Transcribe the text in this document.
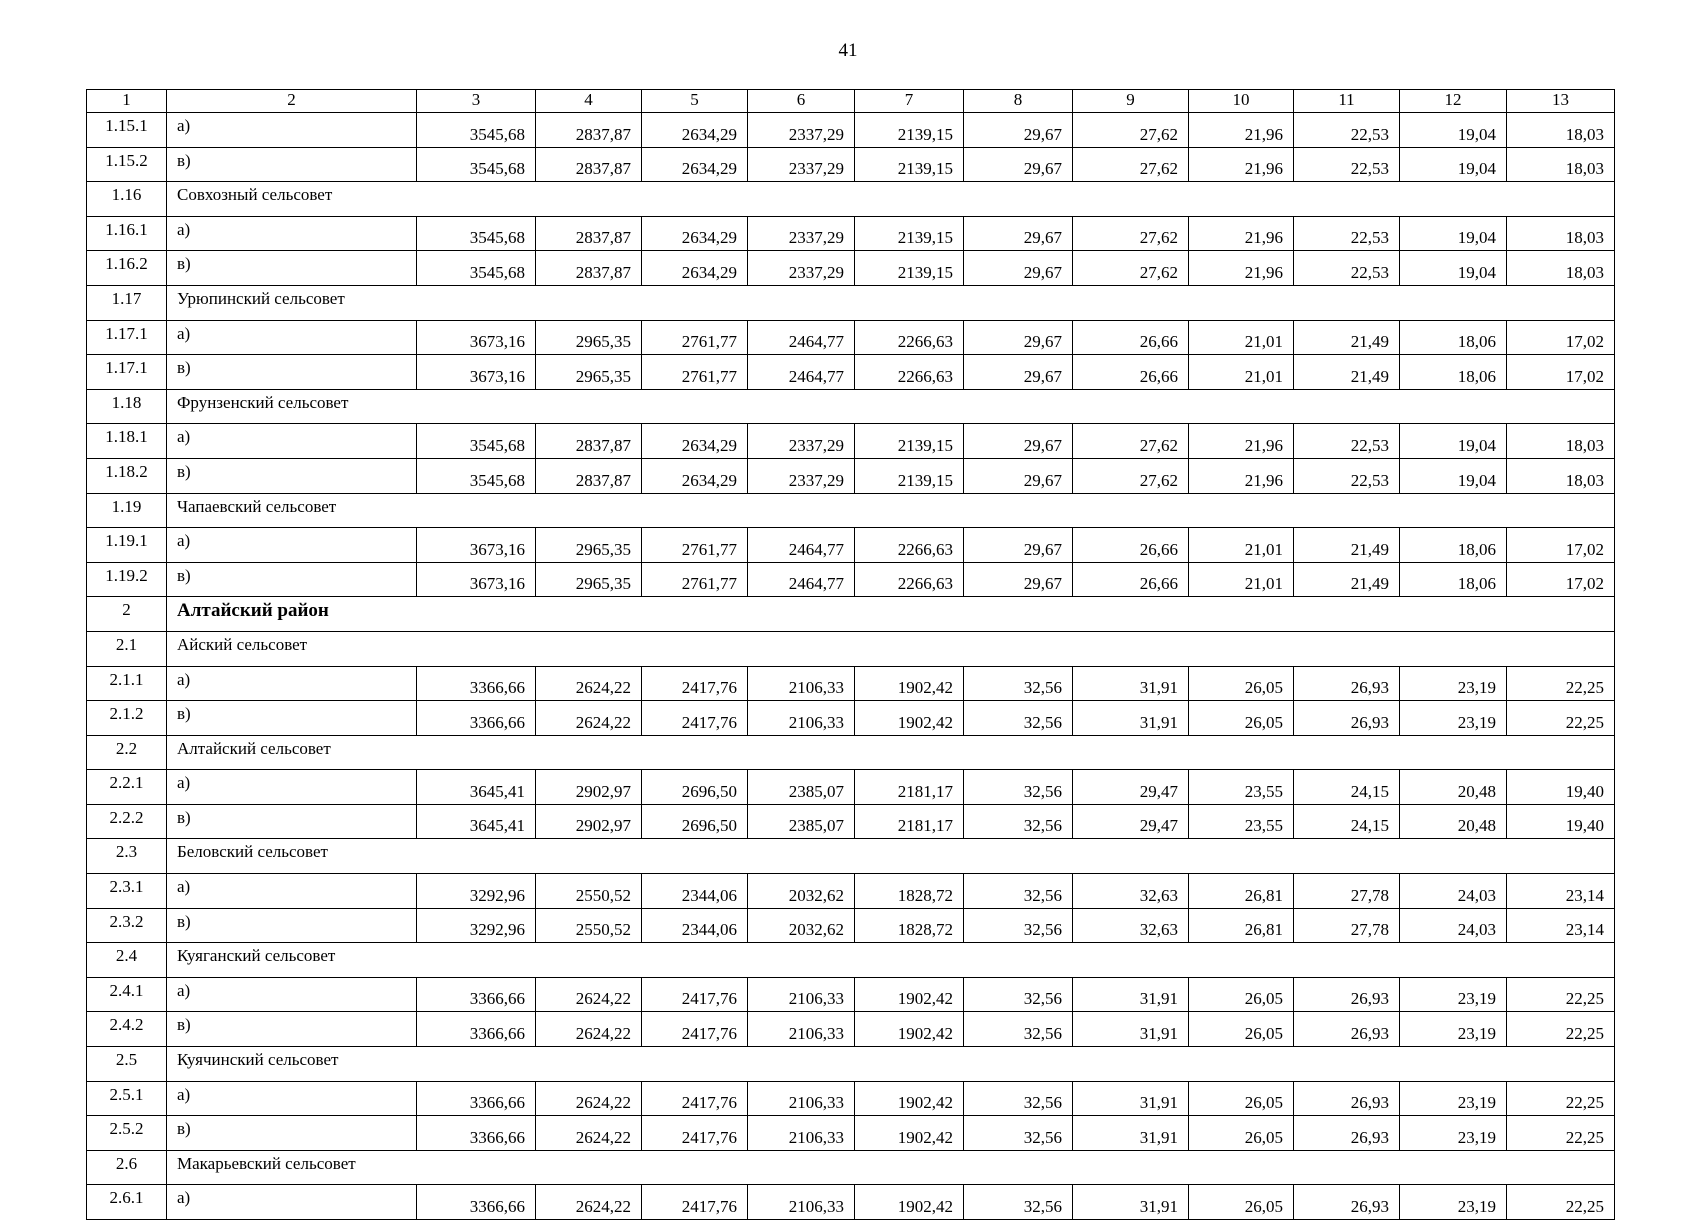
41
1	2	3	4	5	6	7	8	9	10	11	12	13
1.15.1	а)	3545,68	2837,87	2634,29	2337,29	2139,15	29,67	27,62	21,96	22,53	19,04	18,03
1.15.2	в)	3545,68	2837,87	2634,29	2337,29	2139,15	29,67	27,62	21,96	22,53	19,04	18,03
1.16	Совхозный сельсовет											
1.16.1	а)	3545,68	2837,87	2634,29	2337,29	2139,15	29,67	27,62	21,96	22,53	19,04	18,03
1.16.2	в)	3545,68	2837,87	2634,29	2337,29	2139,15	29,67	27,62	21,96	22,53	19,04	18,03
1.17	Урюпинский сельсовет											
1.17.1	а)	3673,16	2965,35	2761,77	2464,77	2266,63	29,67	26,66	21,01	21,49	18,06	17,02
1.17.1	в)	3673,16	2965,35	2761,77	2464,77	2266,63	29,67	26,66	21,01	21,49	18,06	17,02
1.18	Фрунзенский сельсовет											
1.18.1	а)	3545,68	2837,87	2634,29	2337,29	2139,15	29,67	27,62	21,96	22,53	19,04	18,03
1.18.2	в)	3545,68	2837,87	2634,29	2337,29	2139,15	29,67	27,62	21,96	22,53	19,04	18,03
1.19	Чапаевский сельсовет											
1.19.1	а)	3673,16	2965,35	2761,77	2464,77	2266,63	29,67	26,66	21,01	21,49	18,06	17,02
1.19.2	в)	3673,16	2965,35	2761,77	2464,77	2266,63	29,67	26,66	21,01	21,49	18,06	17,02
2	Алтайский район											
2.1	Айский сельсовет											
2.1.1	а)	3366,66	2624,22	2417,76	2106,33	1902,42	32,56	31,91	26,05	26,93	23,19	22,25
2.1.2	в)	3366,66	2624,22	2417,76	2106,33	1902,42	32,56	31,91	26,05	26,93	23,19	22,25
2.2	Алтайский сельсовет											
2.2.1	а)	3645,41	2902,97	2696,50	2385,07	2181,17	32,56	29,47	23,55	24,15	20,48	19,40
2.2.2	в)	3645,41	2902,97	2696,50	2385,07	2181,17	32,56	29,47	23,55	24,15	20,48	19,40
2.3	Беловский сельсовет											
2.3.1	а)	3292,96	2550,52	2344,06	2032,62	1828,72	32,56	32,63	26,81	27,78	24,03	23,14
2.3.2	в)	3292,96	2550,52	2344,06	2032,62	1828,72	32,56	32,63	26,81	27,78	24,03	23,14
2.4	Куяганский сельсовет											
2.4.1	а)	3366,66	2624,22	2417,76	2106,33	1902,42	32,56	31,91	26,05	26,93	23,19	22,25
2.4.2	в)	3366,66	2624,22	2417,76	2106,33	1902,42	32,56	31,91	26,05	26,93	23,19	22,25
2.5	Куячинский сельсовет											
2.5.1	а)	3366,66	2624,22	2417,76	2106,33	1902,42	32,56	31,91	26,05	26,93	23,19	22,25
2.5.2	в)	3366,66	2624,22	2417,76	2106,33	1902,42	32,56	31,91	26,05	26,93	23,19	22,25
2.6	Макарьевский сельсовет											
2.6.1	а)	3366,66	2624,22	2417,76	2106,33	1902,42	32,56	31,91	26,05	26,93	23,19	22,25
